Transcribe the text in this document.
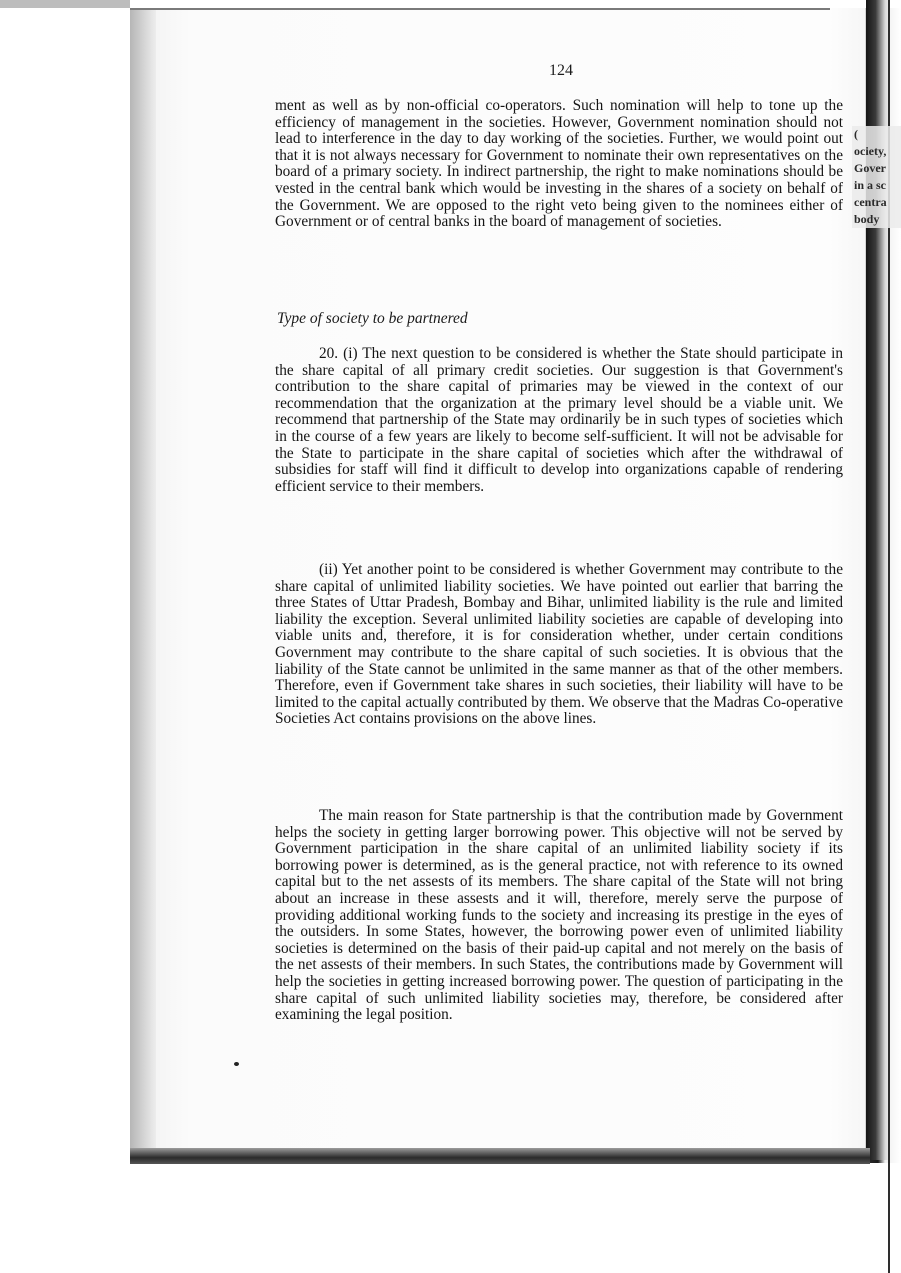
124

ment as well as by non-official co-operators. Such nomination will help to tone up the efficiency of management in the societies. However, Government nomination should not lead to interference in the day to day working of the societies. Further, we would point out that it is not always necessary for Government to nominate their own representatives on the board of a primary society. In indirect partnership, the right to make nominations should be vested in the central bank which would be investing in the shares of a society on behalf of the Government. We are opposed to the right veto being given to the nominees either of Government or of central banks in the board of management of societies.

Type of society to be partnered

20. (i) The next question to be considered is whether the State should participate in the share capital of all primary credit societies. Our suggestion is that Government's contribution to the share capital of primaries may be viewed in the context of our recommendation that the organization at the primary level should be a viable unit. We recommend that partnership of the State may ordinarily be in such types of societies which in the course of a few years are likely to become self-sufficient. It will not be advisable for the State to participate in the share capital of societies which after the withdrawal of subsidies for staff will find it difficult to develop into organizations capable of rendering efficient service to their members.

(ii) Yet another point to be considered is whether Government may contribute to the share capital of unlimited liability societies. We have pointed out earlier that barring the three States of Uttar Pradesh, Bombay and Bihar, unlimited liability is the rule and limited liability the exception. Several unlimited liability societies are capable of developing into viable units and, therefore, it is for consideration whether, under certain conditions Government may contribute to the share capital of such societies. It is obvious that the liability of the State cannot be unlimited in the same manner as that of the other members. Therefore, even if Government take shares in such societies, their liability will have to be limited to the capital actually contributed by them. We observe that the Madras Co-operative Societies Act contains provisions on the above lines.

The main reason for State partnership is that the contribution made by Government helps the society in getting larger borrowing power. This objective will not be served by Government participation in the share capital of an unlimited liability society if its borrowing power is determined, as is the general practice, not with reference to its owned capital but to the net assests of its members. The share capital of the State will not bring about an increase in these assests and it will, therefore, merely serve the purpose of providing additional working funds to the society and increasing its prestige in the eyes of the outsiders. In some States, however, the borrowing power even of unlimited liability societies is determined on the basis of their paid-up capital and not merely on the basis of the net assests of their members. In such States, the contributions made by Government will help the societies in getting increased borrowing power. The question of participating in the share capital of such unlimited liability societies may, therefore, be considered after examining the legal position.

(
ociety,
Gover
in a sc
centra
body
